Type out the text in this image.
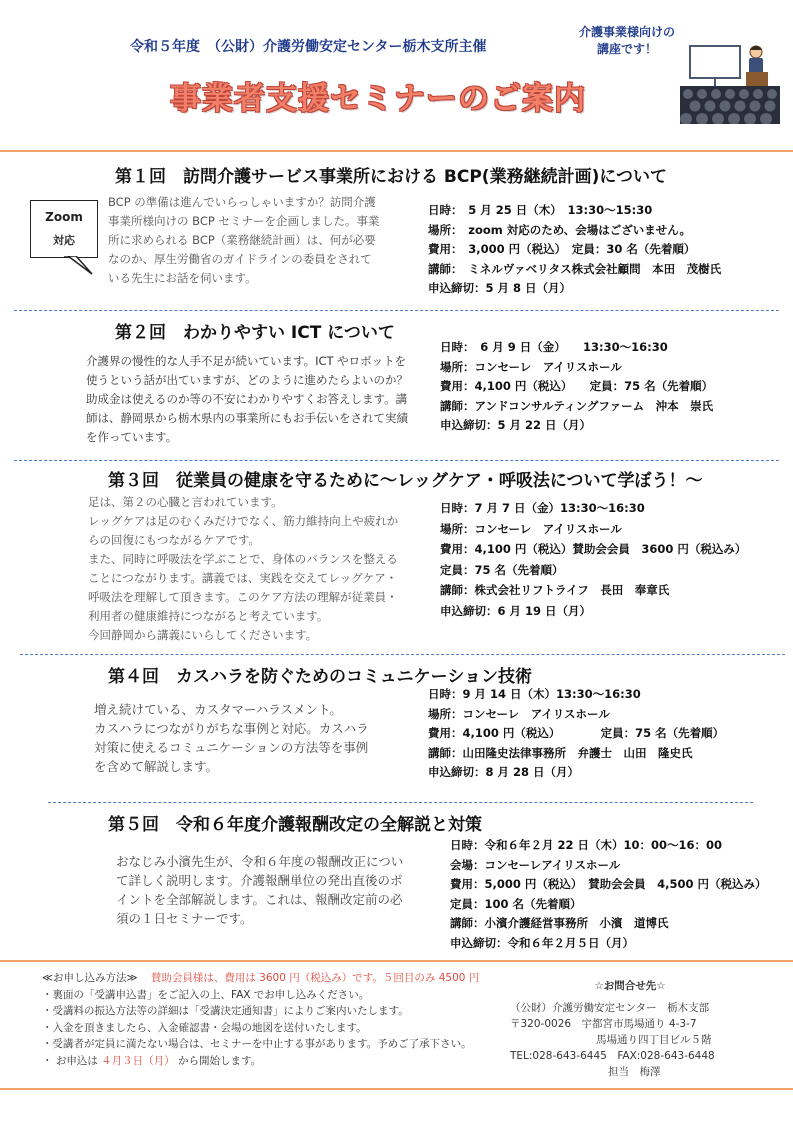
令和５年度　（公財）介護労働安定センター栃木支所主催
介護事業様向けの
講座です！
事業者支援セミナーのご案内
第１回　訪問介護サービス事業所における BCP(業務継続計画)について
Zoom
対応
BCP の準備は進んでいらっしゃいますか？訪問介護
事業所様向けの BCP セミナーを企画しました。事業
所に求められる BCP（業務継続計画）は、何が必要
なのか、厚生労働省のガイドラインの委員をされて
いる先生にお話を伺います。
日時：　5 月 25 日（木）　13:30～15:30
場所：　zoom 対応のため、会場はございません。
費用：　3,000 円（税込）　定員：30 名（先着順）
講師：　ミネルヴァベリタス株式会社顧問　本田　茂樹氏
申込締切：5 月 8 日（月）
第２回　わかりやすい ICT について
介護界の慢性的な人手不足が続いています。ICT やロボットを
使うという話が出ていますが、どのように進めたらよいのか？
助成金は使えるのか等の不安にわかりやすくお答えします。講
師は、静岡県から栃木県内の事業所にもお手伝いをされて実績
を作っています。
日時：　6 月 9 日（金）　　13:30～16:30
場所：コンセーレ　アイリスホール
費用：4,100 円（税込）　　定員：75 名（先着順）
講師：アンドコンサルティングファーム　沖本　崇氏
申込締切：5 月 22 日（月）
第３回　従業員の健康を守るために～レッグケア・呼吸法について学ぼう！～
足は、第２の心臓と言われています。
レッグケアは足のむくみだけでなく、筋力維持向上や疲れか
らの回復にもつながるケアです。
また、同時に呼吸法を学ぶことで、身体のバランスを整える
ことにつながります。講義では、実践を交えてレッグケア・
呼吸法を理解して頂きます。このケア方法の理解が従業員・
利用者の健康維持につながると考えています。
今回静岡から講義にいらしてくださいます。
日時：7 月 7 日（金）13:30～16:30
場所：コンセーレ　アイリスホール
費用：4,100 円（税込）賛助会会員　3600 円（税込み）
定員：75 名（先着順）
講師：株式会社リフトライフ　長田　奉章氏
申込締切：6 月 19 日（月）
第４回　カスハラを防ぐためのコミュニケーション技術
増え続けている、カスタマーハラスメント。
カスハラにつながりがちな事例と対応。カスハラ
対策に使えるコミュニケーションの方法等を事例
を含めて解説します。
日時：9 月 14 日（木）13:30～16:30
場所：コンセーレ　アイリスホール
費用：4,100 円（税込）　　　　定員：75 名（先着順）
講師：山田隆史法律事務所　弁護士　山田　隆史氏
申込締切：8 月 28 日（月）
第５回　令和６年度介護報酬改定の全解説と対策
おなじみ小濱先生が、令和６年度の報酬改正につい
て詳しく説明します。介護報酬単位の発出直後のポ
イントを全部解説します。これは、報酬改定前の必
須の１日セミナーです。
日時：令和６年２月 22 日（木）10：00～16：00
会場：コンセーレアイリスホール
費用：5,000 円（税込）　賛助会会員　4,500 円（税込み）
定員：100 名（先着順）
講師：小濱介護経営事務所　小濱　道博氏
申込締切：令和６年２月５日（月）
≪お申し込み方法≫ 賛助会員様は、費用は 3600 円（税込み）です。５回目のみ 4500 円
・ 裏面の「受講申込書」をご記入の上、FAX でお申し込みください。
・ 受講料の振込方法等の詳細は「受講決定通知書」によりご案内いたします。
・ 入金を頂きましたら、入金確認書・会場の地図を送付いたします。
・ 受講者が定員に満たない場合は、セミナーを中止する事があります。予めご了承下さい。
・ お申込は ４月３日（月） から開始します。
☆お問合せ先☆
（公財）介護労働安定センター　栃木支部
〒320-0026　宇都宮市馬場通り 4-3-7
馬場通り四丁目ビル５階
TEL:028-643-6445　FAX:028-643-6448
担当　梅澤
